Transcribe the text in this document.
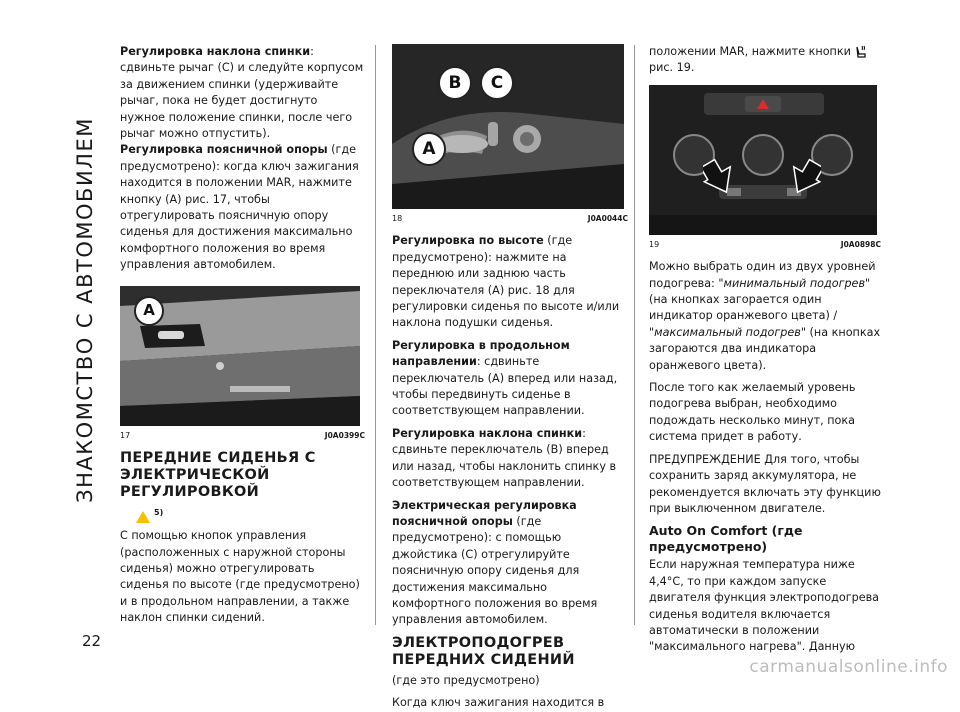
ЗНАКОМСТВО С АВТОМОБИЛЕМ
22

Регулировка наклона спинки: сдвиньте рычаг (С) и следуйте корпусом за движением спинки (удерживайте рычаг, пока не будет достигнуто нужное положение спинки, после чего рычаг можно отпустить).

Регулировка поясничной опоры (где предусмотрено): когда ключ зажигания находится в положении MAR, нажмите кнопку (А) рис. 17, чтобы отрегулировать поясничную опору сиденья для достижения максимально комфортного положения во время управления автомобилем.

A
17	J0A0399C
ПЕРЕДНИЕ СИДЕНЬЯ С ЭЛЕКТРИЧЕСКОЙ РЕГУЛИРОВКОЙ
$^{5)}$

С помощью кнопок управления (расположенных с наружной стороны сиденья) можно отрегулировать сиденья по высоте (где предусмотрено) и в продольном направлении, а также наклон спинки сидений.

B	C
A
18	J0A0044C

Регулировка по высоте (где предусмотрено): нажмите на переднюю или заднюю часть переключателя (А) рис. 18 для регулировки сиденья по высоте и/или наклона подушки сиденья.

Регулировка в продольном направлении: сдвиньте переключатель (А) вперед или назад, чтобы передвинуть сиденье в соответствующем направлении.

Регулировка наклона спинки: сдвиньте переключатель (В) вперед или назад, чтобы наклонить спинку в соответствующем направлении.

Электрическая регулировка поясничной опоры (где предусмотрено): с помощью джойстика (С) отрегулируйте поясничную опору сиденья для достижения максимально комфортного положения во время управления автомобилем.

ЭЛЕКТРОПОДОГРЕВ ПЕРЕДНИХ СИДЕНИЙ

(где это предусмотрено)

Когда ключ зажигания находится в

положении MAR, нажмите кнопки
рис. 19.

19	J0A0898C

Можно выбрать один из двух уровней подогрева: "минимальный подогрев" (на кнопках загорается один индикатор оранжевого цвета) / "максимальный подогрев" (на кнопках загораются два индикатора оранжевого цвета).

После того как желаемый уровень подогрева выбран, необходимо подождать несколько минут, пока система придет в работу.

ПРЕДУПРЕЖДЕНИЕ Для того, чтобы сохранить заряд аккумулятора, не рекомендуется включать эту функцию при выключенном двигателе.

Auto On Comfort (где предусмотрено)

Если наружная температура ниже 4,4°C, то при каждом запуске двигателя функция электроподогрева сиденья водителя включается автоматически в положении "максимального нагрева". Данную

carmanualsonline.info
